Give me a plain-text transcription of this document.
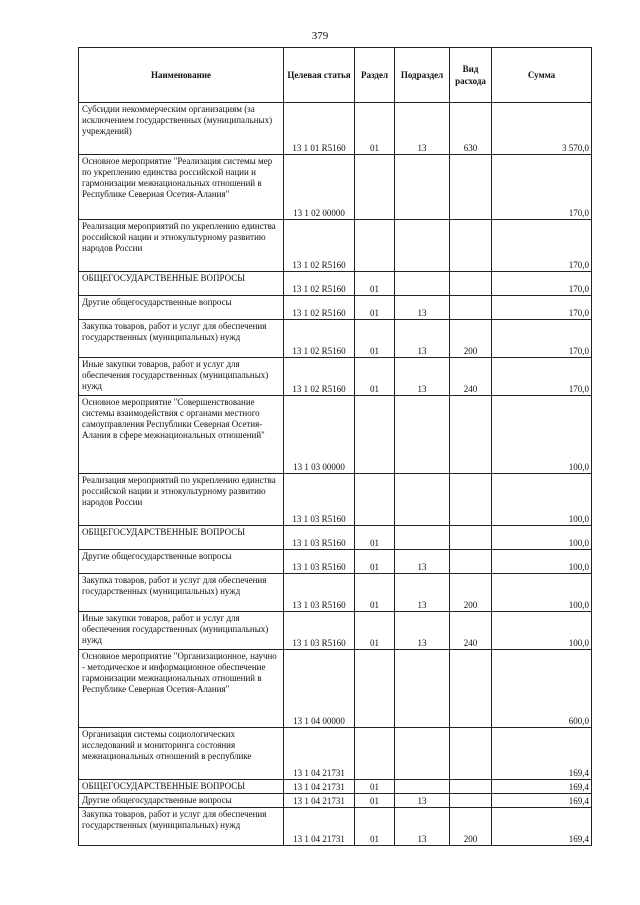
379
Наименование	Целевая статья	Раздел	Подраздел	Вид расхода	Сумма
Субсидии некоммерческим организациям (за исключением государственных (муниципальных) учреждений)	13 1 01 R5160	01	13	630	3 570,0
Основное мероприятие "Реализация системы мер по укреплению единства российской нации и гармонизации межнациональных отношений в Республике Северная Осетия-Алания"	13 1 02 00000				170,0
Реализация мероприятий по укреплению единства российской нации и этнокультурному развитию народов России	13 1 02 R5160				170,0
ОБЩЕГОСУДАРСТВЕННЫЕ ВОПРОСЫ	13 1 02 R5160	01			170,0
Другие общегосударственные вопросы	13 1 02 R5160	01	13		170,0
Закупка товаров, работ и услуг для обеспечения государственных (муниципальных) нужд	13 1 02 R5160	01	13	200	170,0
Иные закупки товаров, работ и услуг для обеспечения государственных (муниципальных) нужд	13 1 02 R5160	01	13	240	170,0
Основное мероприятие "Совершенствование системы взаимодействия с органами местного самоуправления Республики Северная Осетия-Алания в сфере межнациональных отношений"	13 1 03 00000				100,0
Реализация мероприятий по укреплению единства российской нации и этнокультурному развитию народов России	13 1 03 R5160				100,0
ОБЩЕГОСУДАРСТВЕННЫЕ ВОПРОСЫ	13 1 03 R5160	01			100,0
Другие общегосударственные вопросы	13 1 03 R5160	01	13		100,0
Закупка товаров, работ и услуг для обеспечения государственных (муниципальных) нужд	13 1 03 R5160	01	13	200	100,0
Иные закупки товаров, работ и услуг для обеспечения государственных (муниципальных) нужд	13 1 03 R5160	01	13	240	100,0
Основное мероприятие "Организационное, научно - методическое и информационное обеспечение гармонизации межнациональных отношений в Республике Северная Осетия-Алания"	13 1 04 00000				600,0
Организация системы социологических исследований и мониторинга состояния межнациональных отношений в республике	13 1 04 21731				169,4
ОБЩЕГОСУДАРСТВЕННЫЕ ВОПРОСЫ	13 1 04 21731	01			169,4
Другие общегосударственные вопросы	13 1 04 21731	01	13		169,4
Закупка товаров, работ и услуг для обеспечения государственных (муниципальных) нужд	13 1 04 21731	01	13	200	169,4
